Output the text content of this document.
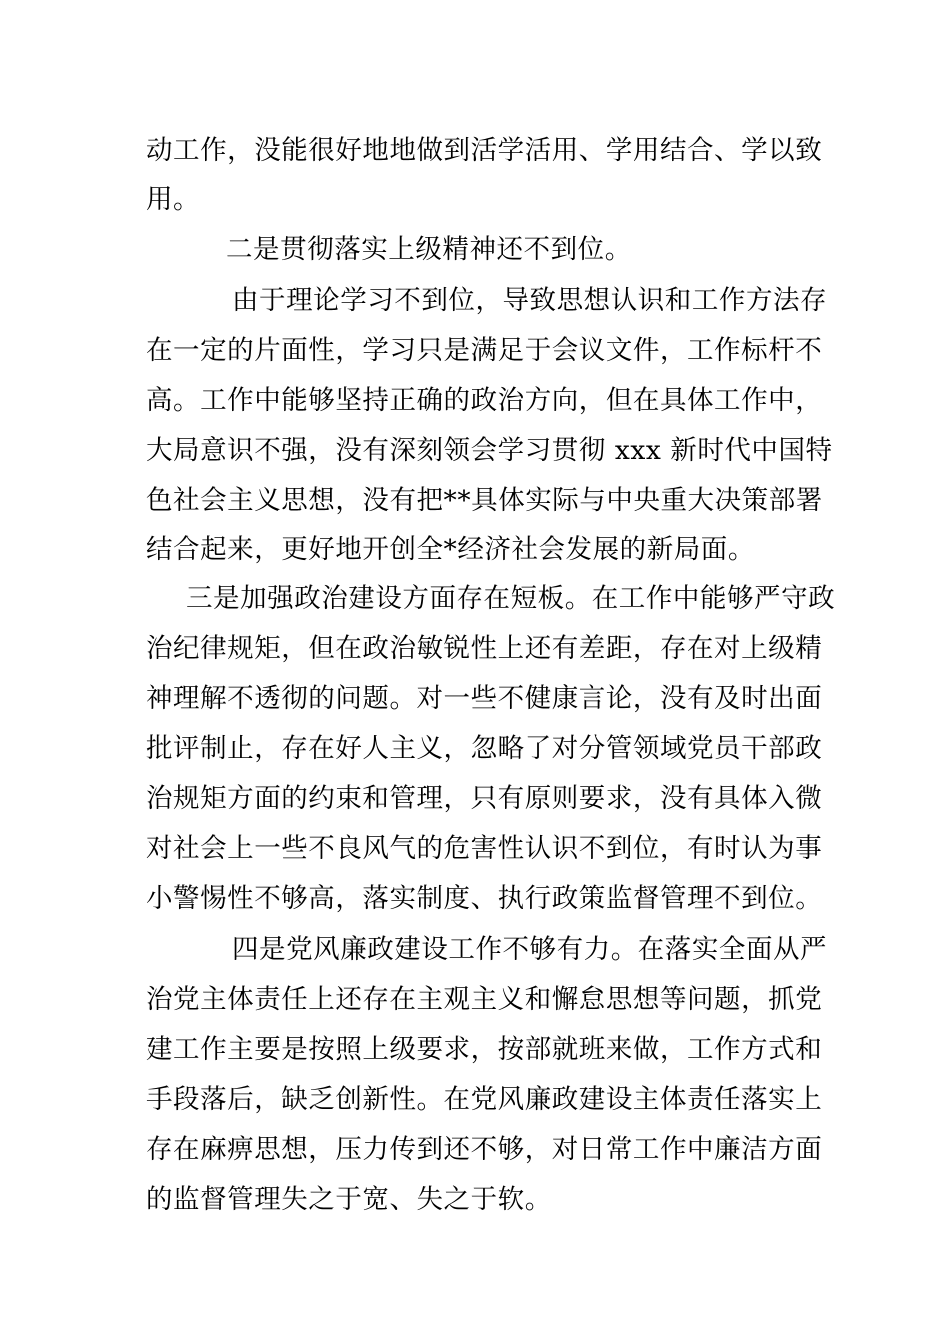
动工作，没能很好地地做到活学活用、学用结合、学以致

用。

二是贯彻落实上级精神还不到位。

由于理论学习不到位，导致思想认识和工作方法存

在一定的片面性，学习只是满足于会议文件，工作标杆不

高。工作中能够坚持正确的政治方向，但在具体工作中，

大局意识不强，没有深刻领会学习贯彻 xxx 新时代中国特

色社会主义思想，没有把**具体实际与中央重大决策部署

结合起来，更好地开创全*经济社会发展的新局面。

三是加强政治建设方面存在短板。在工作中能够严守政

治纪律规矩，但在政治敏锐性上还有差距，存在对上级精

神理解不透彻的问题。对一些不健康言论，没有及时出面

批评制止，存在好人主义，忽略了对分管领域党员干部政

治规矩方面的约束和管理，只有原则要求，没有具体入微

对社会上一些不良风气的危害性认识不到位，有时认为事

小警惕性不够高，落实制度、执行政策监督管理不到位。

四是党风廉政建设工作不够有力。在落实全面从严

治党主体责任上还存在主观主义和懈怠思想等问题，抓党

建工作主要是按照上级要求，按部就班来做，工作方式和

手段落后，缺乏创新性。在党风廉政建设主体责任落实上

存在麻痹思想，压力传到还不够，对日常工作中廉洁方面

的监督管理失之于宽、失之于软。
